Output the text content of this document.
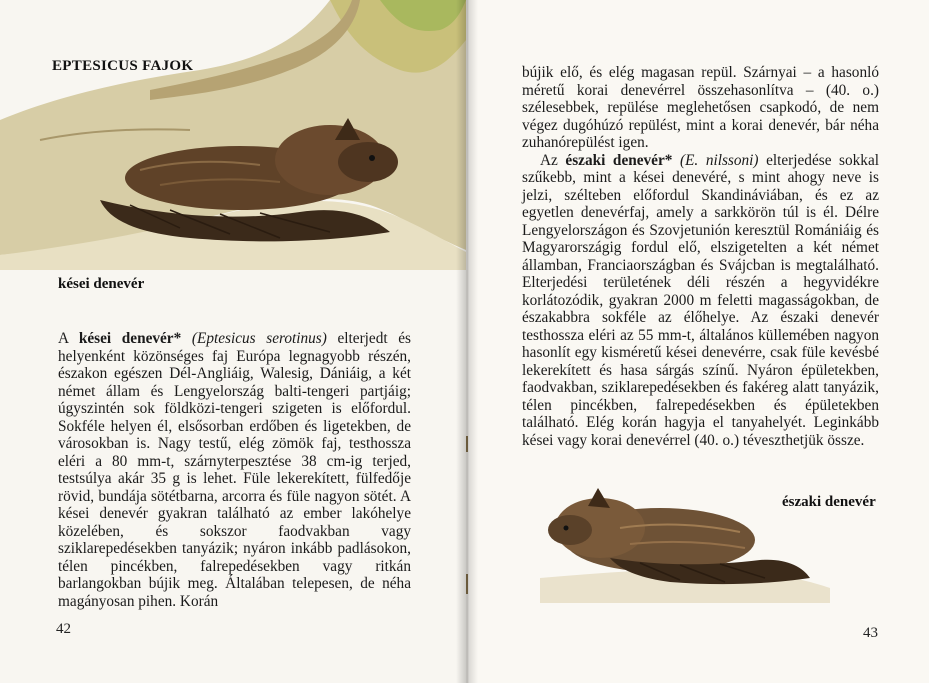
EPTESICUS FAJOK
kései denevér

A kései denevér* (Eptesicus serotinus) elterjedt és helyenként közönséges faj Európa legnagyobb részén, északon egészen Dél-Angliáig, Walesig, Dániáig, a két német állam és Lengyelország balti-tengeri partjáig; úgyszintén sok földközi-tengeri szigeten is előfordul. Sokféle helyen él, elsősorban erdőben és ligetekben, de városokban is. Nagy testű, elég zömök faj, testhossza eléri a 80 mm-t, szárnyterpesztése 38 cm-ig terjed, testsúlya akár 35 g is lehet. Füle lekerekített, fülfedője rövid, bundája sötétbarna, arcorra és füle nagyon sötét. A kései denevér gyakran található az ember lakóhelye közelében, és sokszor faodvakban vagy sziklarepedésekben tanyázik; nyáron inkább padlásokon, télen pincékben, falrepedésekben vagy ritkán barlangokban bújik meg. Általában telepesen, de néha magányosan pihen. Korán

42

bújik elő, és elég magasan repül. Szárnyai – a hasonló méretű korai denevérrel összehasonlítva – (40. o.) szélesebbek, repülése meglehetősen csapkodó, de nem végez dugóhúzó repülést, mint a korai denevér, bár néha zuhanórepülést igen.

Az északi denevér* (E. nilssoni) elterjedése sokkal szűkebb, mint a kései denevéré, s mint ahogy neve is jelzi, szélteben előfordul Skandináviában, és ez az egyetlen denevérfaj, amely a sarkkörön túl is él. Délre Lengyelországon és Szovjetunión keresztül Romániáig és Magyarországig fordul elő, elszigetelten a két német államban, Franciaországban és Svájcban is megtalálható. Elterjedési területének déli részén a hegyvidékre korlátozódik, gyakran 2000 m feletti magasságokban, de északabbra sokféle az élőhelye. Az északi denevér testhossza eléri az 55 mm-t, általános küllemében nagyon hasonlít egy kisméretű kései denevérre, csak füle kevésbé lekerekített és hasa sárgás színű. Nyáron épületekben, faodvakban, sziklarepedésekben és fakéreg alatt tanyázik, télen pincékben, falrepedésekben és épületekben található. Elég korán hagyja el tanyahelyét. Leginkább kései vagy korai denevérrel (40. o.) téveszthetjük össze.

északi denevér
43
